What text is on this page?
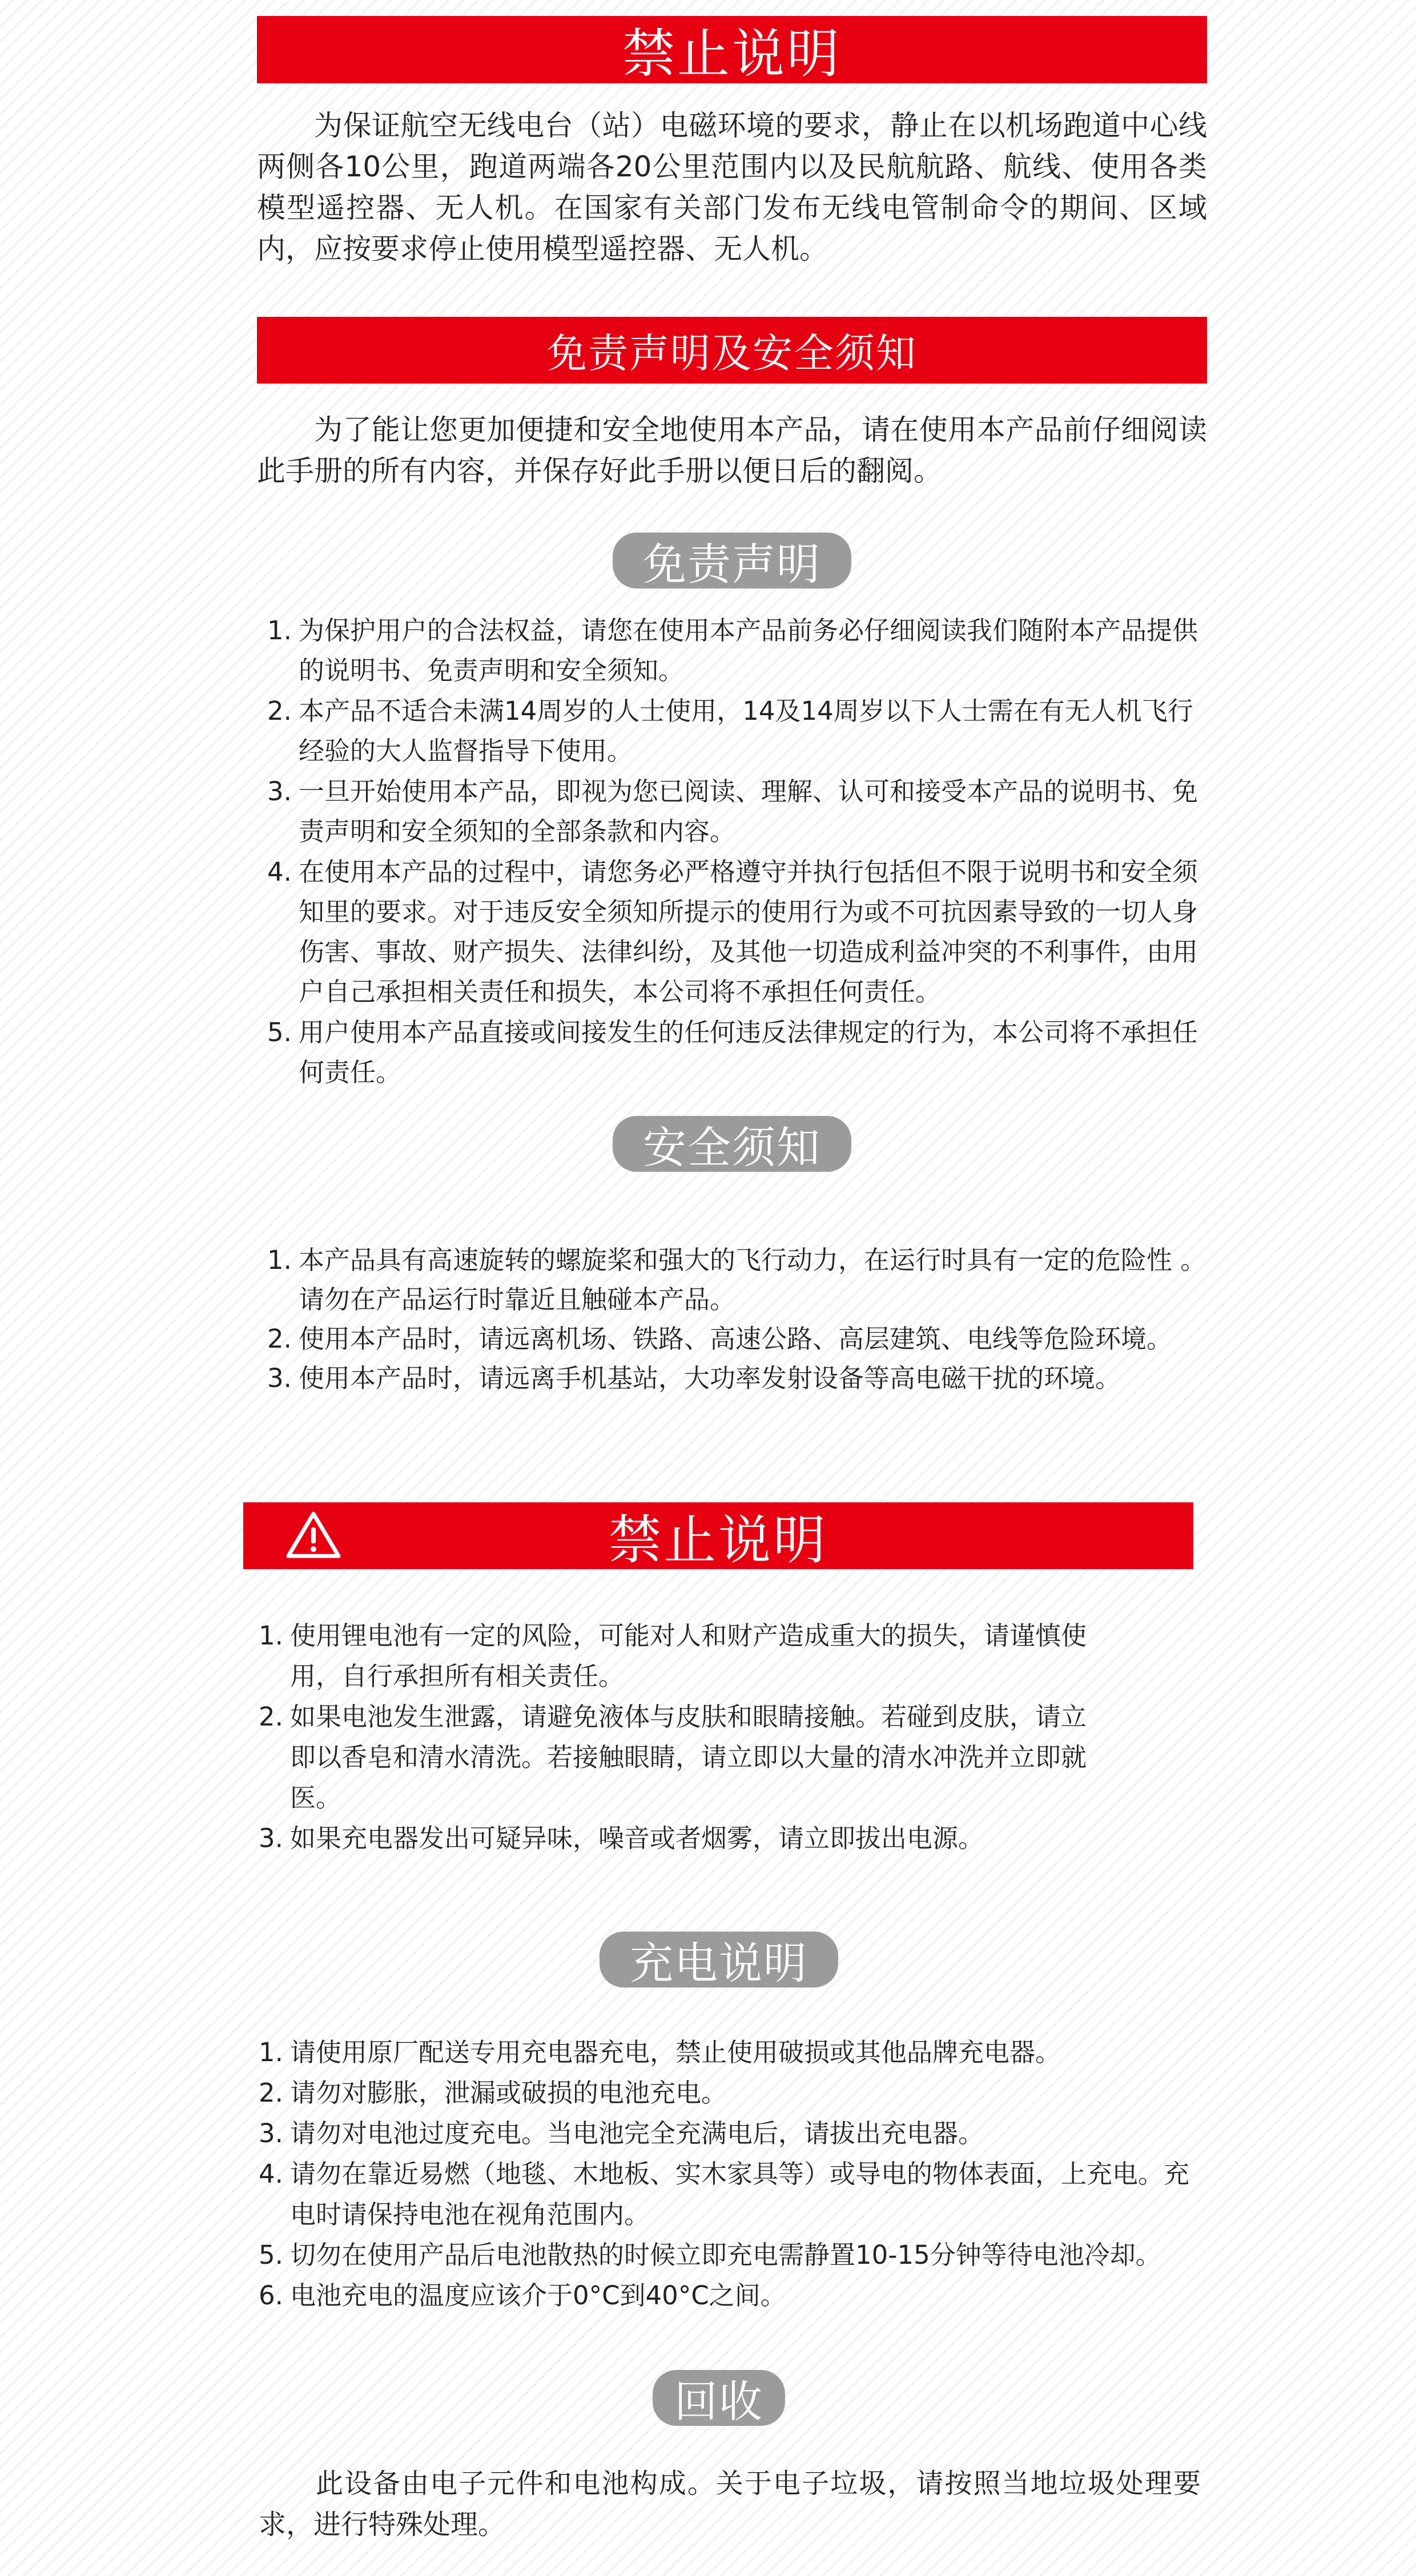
禁止说明

为保证航空无线电台（站）电磁环境的要求，静止在以机场跑道中心线两侧各10公里，跑道两端各20公里范围内以及民航航路、航线、使用各类模型遥控器、无人机。在国家有关部门发布无线电管制命令的期间、区域内，应按要求停止使用模型遥控器、无人机。

免责声明及安全须知

为了能让您更加便捷和安全地使用本产品，请在使用本产品前仔细阅读此手册的所有内容，并保存好此手册以便日后的翻阅。

免责声明
1. 为保护用户的合法权益，请您在使用本产品前务必仔细阅读我们随附本产品提供的说明书、免责声明和安全须知。
2. 本产品不适合未满14周岁的人士使用，14及14周岁以下人士需在有无人机飞行经验的大人监督指导下使用。
3. 一旦开始使用本产品，即视为您已阅读、理解、认可和接受本产品的说明书、免责声明和安全须知的全部条款和内容。
4. 在使用本产品的过程中，请您务必严格遵守并执行包括但不限于说明书和安全须知里的要求。对于违反安全须知所提示的使用行为或不可抗因素导致的一切人身伤害、事故、财产损失、法律纠纷，及其他一切造成利益冲突的不利事件，由用户自己承担相关责任和损失，本公司将不承担任何责任。
5. 用户使用本产品直接或间接发生的任何违反法律规定的行为，本公司将不承担任何责任。
安全须知
1. 本产品具有高速旋转的螺旋桨和强大的飞行动力，在运行时具有一定的危险性 。请勿在产品运行时靠近且触碰本产品。
2. 使用本产品时，请远离机场、铁路、高速公路、高层建筑、电线等危险环境。
3. 使用本产品时，请远离手机基站，大功率发射设备等高电磁干扰的环境。
禁止说明
1. 使用锂电池有一定的风险，可能对人和财产造成重大的损失，请谨慎使用，自行承担所有相关责任。
2. 如果电池发生泄露，请避免液体与皮肤和眼睛接触。若碰到皮肤，请立即以香皂和清水清洗。若接触眼睛，请立即以大量的清水冲洗并立即就医。
3. 如果充电器发出可疑异味，噪音或者烟雾，请立即拔出电源。
充电说明
1. 请使用原厂配送专用充电器充电，禁止使用破损或其他品牌充电器。
2. 请勿对膨胀，泄漏或破损的电池充电。
3. 请勿对电池过度充电。当电池完全充满电后，请拔出充电器。
4. 请勿在靠近易燃（地毯、木地板、实木家具等）或导电的物体表面，上充电。充电时请保持电池在视角范围内。
5. 切勿在使用产品后电池散热的时候立即充电需静置10-15分钟等待电池冷却。
6. 电池充电的温度应该介于0°C到40°C之间。
回收

此设备由电子元件和电池构成。关于电子垃圾，请按照当地垃圾处理要求，进行特殊处理。
